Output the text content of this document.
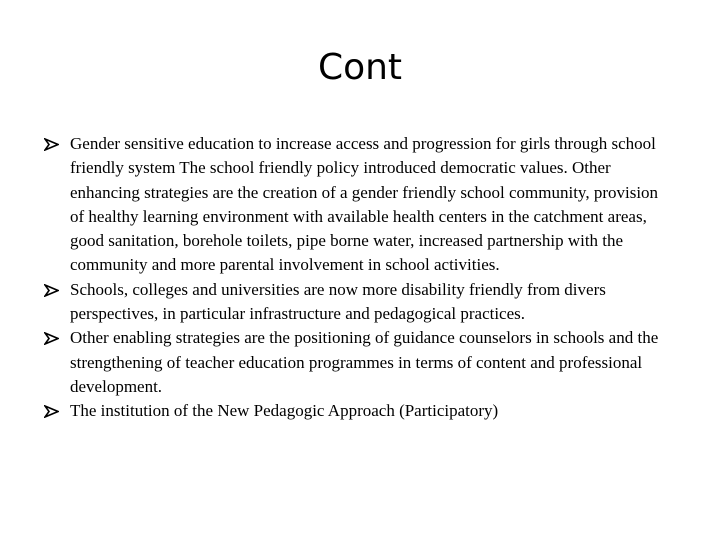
Cont
Gender sensitive education to increase access and progression for girls through school friendly system The school friendly policy introduced democratic values. Other enhancing strategies are the creation of a gender friendly school community, provision of healthy learning environment with available health centers in the catchment areas, good sanitation, borehole toilets, pipe borne water, increased partnership with the community and more parental involvement in school activities.
Schools, colleges and universities are now more disability friendly from divers perspectives, in particular infrastructure and pedagogical practices.
Other enabling strategies are the positioning of guidance counselors in schools and the strengthening of teacher education programmes in terms of content and professional development.
The institution of the New Pedagogic Approach (Participatory)
